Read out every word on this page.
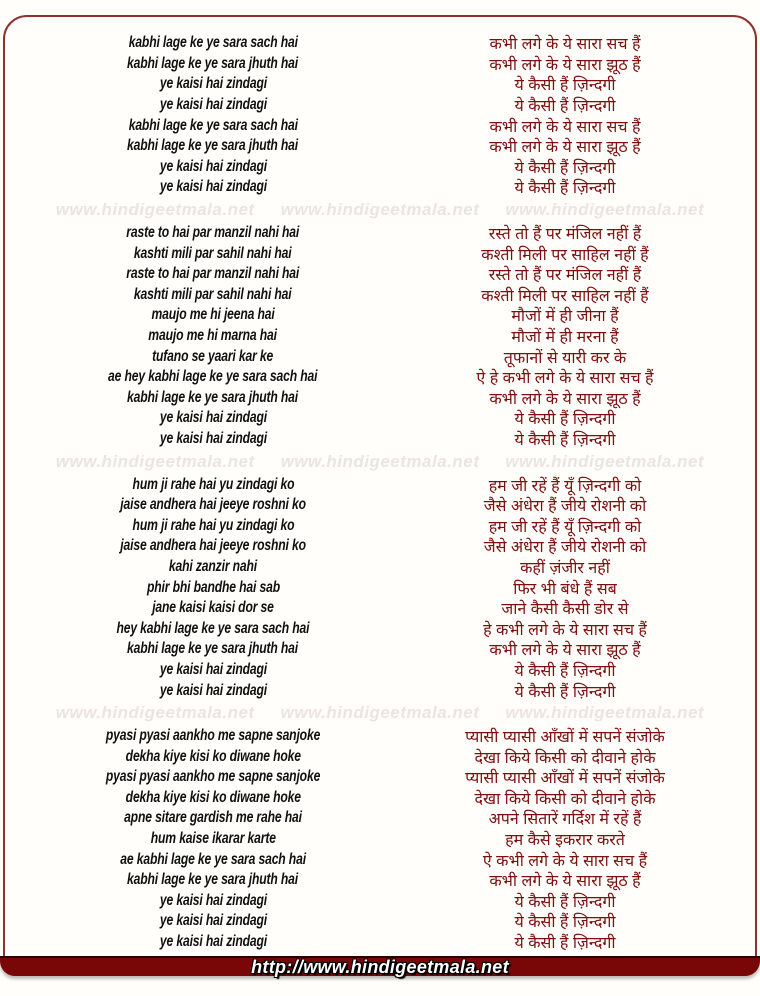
kabhi lage ke ye sara sach hai	कभी लगे के ये सारा सच हैं
kabhi lage ke ye sara jhuth hai	कभी लगे के ये सारा झूठ हैं
ye kaisi hai zindagi	ये कैसी हैं ज़िन्दगी
ye kaisi hai zindagi	ये कैसी हैं ज़िन्दगी
kabhi lage ke ye sara sach hai	कभी लगे के ये सारा सच हैं
kabhi lage ke ye sara jhuth hai	कभी लगे के ये सारा झूठ हैं
ye kaisi hai zindagi	ये कैसी हैं ज़िन्दगी
ye kaisi hai zindagi	ये कैसी हैं ज़िन्दगी
www.hindigeetmala.net www.hindigeetmala.net www.hindigeetmala.net
raste to hai par manzil nahi hai	रस्ते तो हैं पर मंजिल नहीं हैं
kashti mili par sahil nahi hai	कश्ती मिली पर साहिल नहीं हैं
raste to hai par manzil nahi hai	रस्ते तो हैं पर मंजिल नहीं हैं
kashti mili par sahil nahi hai	कश्ती मिली पर साहिल नहीं हैं
maujo me hi jeena hai	मौजों में ही जीना हैं
maujo me hi marna hai	मौजों में ही मरना हैं
tufano se yaari kar ke	तूफानों से यारी कर के
ae hey kabhi lage ke ye sara sach hai	ऐ हे कभी लगे के ये सारा सच हैं
kabhi lage ke ye sara jhuth hai	कभी लगे के ये सारा झूठ हैं
ye kaisi hai zindagi	ये कैसी हैं ज़िन्दगी
ye kaisi hai zindagi	ये कैसी हैं ज़िन्दगी
www.hindigeetmala.net www.hindigeetmala.net www.hindigeetmala.net
hum ji rahe hai yu zindagi ko	हम जी रहें हैं यूँ ज़िन्दगी को
jaise andhera hai jeeye roshni ko	जैसे अंधेरा हैं जीये रोशनी को
hum ji rahe hai yu zindagi ko	हम जी रहें हैं यूँ ज़िन्दगी को
jaise andhera hai jeeye roshni ko	जैसे अंधेरा हैं जीये रोशनी को
kahi zanzir nahi	कहीं ज़ंजीर नहीं
phir bhi bandhe hai sab	फिर भी बंधे हैं सब
jane kaisi kaisi dor se	जाने कैसी कैसी डोर से
hey kabhi lage ke ye sara sach hai	हे कभी लगे के ये सारा सच हैं
kabhi lage ke ye sara jhuth hai	कभी लगे के ये सारा झूठ हैं
ye kaisi hai zindagi	ये कैसी हैं ज़िन्दगी
ye kaisi hai zindagi	ये कैसी हैं ज़िन्दगी
www.hindigeetmala.net www.hindigeetmala.net www.hindigeetmala.net
pyasi pyasi aankho me sapne sanjoke	प्यासी प्यासी आँखों में सपनें संजोके
dekha kiye kisi ko diwane hoke	देखा किये किसी को दीवाने होके
pyasi pyasi aankho me sapne sanjoke	प्यासी प्यासी आँखों में सपनें संजोके
dekha kiye kisi ko diwane hoke	देखा किये किसी को दीवाने होके
apne sitare gardish me rahe hai	अपने सितारें गर्दिश में रहें हैं
hum kaise ikarar karte	हम कैसे इकरार करते
ae kabhi lage ke ye sara sach hai	ऐ कभी लगे के ये सारा सच हैं
kabhi lage ke ye sara jhuth hai	कभी लगे के ये सारा झूठ हैं
ye kaisi hai zindagi	ये कैसी हैं ज़िन्दगी
ye kaisi hai zindagi	ये कैसी हैं ज़िन्दगी
ye kaisi hai zindagi	ये कैसी हैं ज़िन्दगी
http://www.hindigeetmala.net
